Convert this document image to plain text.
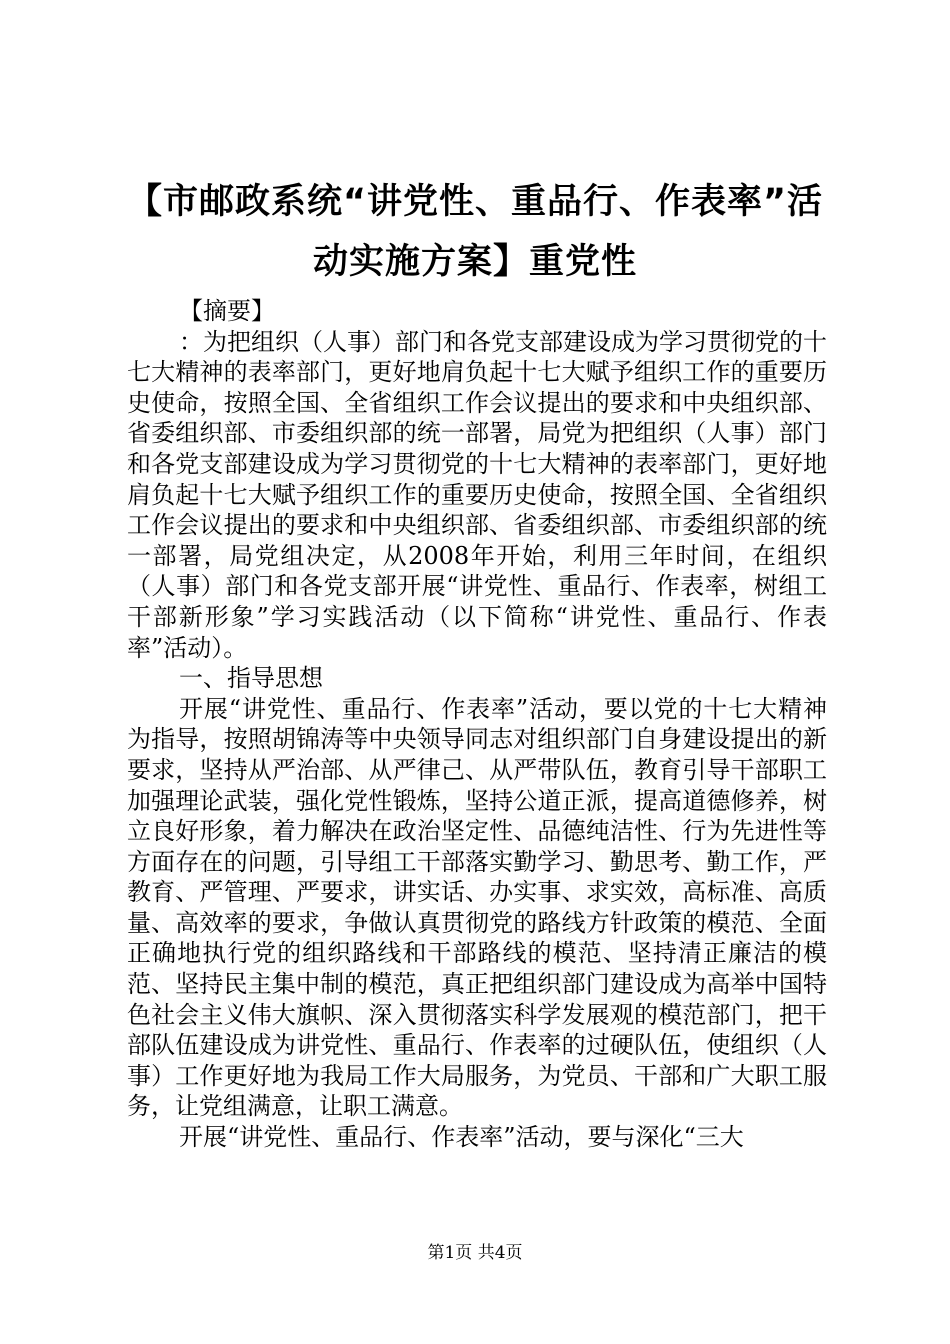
【市邮政系统“讲党性、重品行、作表率”活动实施方案】重党性

【摘要】

：为把组织（人事）部门和各党支部建设成为学习贯彻党的十七大精神的表率部门，更好地肩负起十七大赋予组织工作的重要历史使命，按照全国、全省组织工作会议提出的要求和中央组织部、省委组织部、市委组织部的统一部署，局党为把组织（人事）部门和各党支部建设成为学习贯彻党的十七大精神的表率部门，更好地肩负起十七大赋予组织工作的重要历史使命，按照全国、全省组织工作会议提出的要求和中央组织部、省委组织部、市委组织部的统一部署，局党组决定，从2008年开始，利用三年时间，在组织（人事）部门和各党支部开展“讲党性、重品行、作表率，树组工干部新形象”学习实践活动（以下简称“讲党性、重品行、作表率”活动）。

一、指导思想

开展“讲党性、重品行、作表率”活动，要以党的十七大精神为指导，按照胡锦涛等中央领导同志对组织部门自身建设提出的新要求，坚持从严治部、从严律己、从严带队伍，教育引导干部职工加强理论武装，强化党性锻炼，坚持公道正派，提高道德修养，树立良好形象，着力解决在政治坚定性、品德纯洁性、行为先进性等方面存在的问题，引导组工干部落实勤学习、勤思考、勤工作，严教育、严管理、严要求，讲实话、办实事、求实效，高标准、高质量、高效率的要求，争做认真贯彻党的路线方针政策的模范、全面正确地执行党的组织路线和干部路线的模范、坚持清正廉洁的模范、坚持民主集中制的模范，真正把组织部门建设成为高举中国特色社会主义伟大旗帜、深入贯彻落实科学发展观的模范部门，把干部队伍建设成为讲党性、重品行、作表率的过硬队伍，使组织（人事）工作更好地为我局工作大局服务，为党员、干部和广大职工服务，让党组满意，让职工满意。

开展“讲党性、重品行、作表率”活动，要与深化“三大

第1页 共4页
